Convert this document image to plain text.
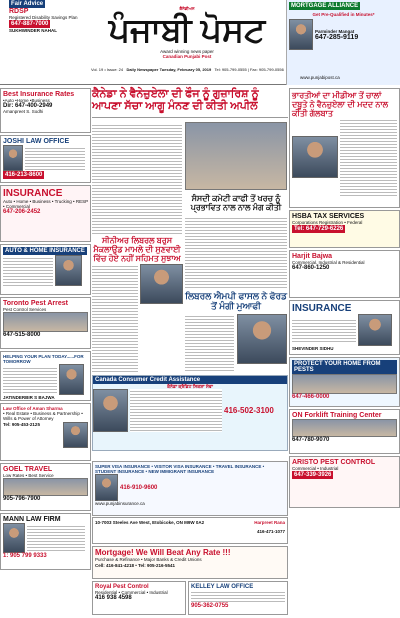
Fair Advice
RDSP
Registered Disability Savings Plan
647-887-7000
SUKHWINDER NAHAL
ਕੈਨੇਡੀਅਨ
ਪੰਜਾਬੀ ਪੋਸਟ
Award winning news paper
Canadian Punjabi Post
MORTGAGE ALLIANCE
Get Pre-Qualified in Minutes*
Parminder Mangat
647-285-9119
Vol. 19 • Issue: 24 Daily Newspaper Tuesday, February 05, 2019 Tel: 905-799-0555 | Fax: 905-799-0556
www.punjabipost.ca
Best Insurance Rates
•Auto •Home •Business
Dir: 647-400-2949
Amanpreet S. Sodhi
JOSHI LAW OFFICE
416-213-8600
INSURANCE
Auto • Home • Business • Trucking • RESP • Commercial
647-206-2452
AUTO & HOME INSURANCE
Toronto Pest Arrest
Pest Control Services
647-515-8000
HELPING YOUR PLAN TODAY......FOR TOMORROW
JATINDERBIR S BAJWA
Law Office of Aman Sharma
• Real Estate • Business & Partnership • Wills & Power of Attorney
Tel: 905-453-2125
GOEL TRAVEL
Low Rates • Best Service
905-796-7900
MANN LAW FIRM
1: 905 799 9333
ਕੈਨੇਡਾ ਨੇ ਵੈਨੇਜ਼ੁਏਲਾ ਦੀ ਫੌਜ ਨੂੰ ਗੁਜ਼ਾਰਿਸ਼ ਨੂੰ ਆਪਣਾ ਸੱਚਾ ਆਗੂ ਮੰਨਣ ਦੀ ਕੀਤੀ ਅਪੀਲ
ਸੰਸਦੀ ਕਮੇਟੀ ਕਾਫੀ ਤੋਂ ਖਰਚ ਨੂੰ ਪ੍ਰਭਾਵਿਤ ਨਾਲ ਨਾਲ ਮੰਗ ਕੀਤੀ
ਸੀਨੀਅਰ ਲਿਬਰਲ ਬਰੁਸ ਮੈਕਲਾਉਡ ਮਾਮਲੇ ਦੀ ਸੁਣਵਾਈ ਵਿੱਚ ਹੋਏ ਨਹੀਂ ਸਹਿਮਤ ਸੁਝਾਅ
ਲਿਬਰਲ ਐਮਪੀ ਫਾਸਲ ਨੇ ਫੋਰਡ ਤੋਂ ਮੰਗੀ ਮੁਆਫੀ
Canada Consumer Credit Assistance
ਕੈਨੇਡਾ ਕ੍ਰੈਡਿਟ ਸਿਕਸ਼ਾ ਸੇਵਾ
416-502-3100
ਭਾਰਤੀਆਂ ਦਾ ਮੀਡੀਆ ਤੋਂ ਚਾਲਾਂ ਦਬੂਤੇ ਨੇ ਵੈਨਜ਼ੁਏਲਾ ਦੀ ਮਦਦ ਨਾਲ ਕੀਤੀ ਗੱਲਬਾਤ
HSBA TAX SERVICES
Corporations Registration • Federal
Tel: 647-729-6226
Harjit Bajwa
Commercial, Industrial & Residential
647-860-1250
INSURANCE
SHEVINDER SIDHU
PROTECT YOUR HOME FROM PESTS
647-466-0000
ON Forklift Training Center
647-780-9070
ARISTO PEST CONTROL
Commercial • Industrial
647-339-3926
SUPER VISA INSURANCE • VISITOR VISA INSURANCE • TRAVEL INSURANCE • STUDENT INSURANCE • NEW IMMIGRANT INSURANCE
416-910-9600
www.punjabinsurance.ca
10-7003 Steeles Ave West, Etobicoke, ON M9W 0A2	Harpreet Rana
416-471-1077
Mortgage! We Will Beat Any Rate !!!
Purchase & Refinance • Major Banks & Credit Unions
Cell: 416-841-4218 • Tel: 905-216-5541
Royal Pest Control
Residential • Commercial • Industrial
416 938 4598
KELLEY LAW OFFICE
905-362-0755
